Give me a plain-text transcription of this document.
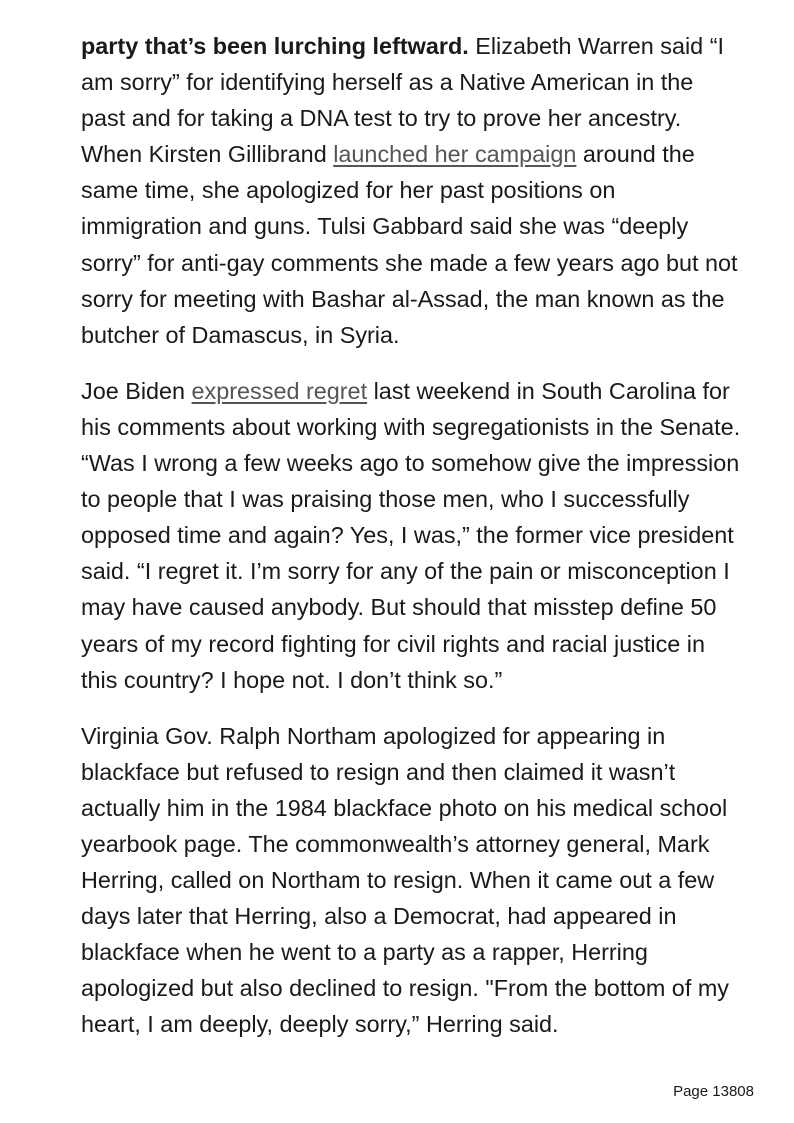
party that’s been lurching leftward. Elizabeth Warren said “I am sorry” for identifying herself as a Native American in the past and for taking a DNA test to try to prove her ancestry. When Kirsten Gillibrand launched her campaign around the same time, she apologized for her past positions on immigration and guns. Tulsi Gabbard said she was “deeply sorry” for anti-gay comments she made a few years ago but not sorry for meeting with Bashar al-Assad, the man known as the butcher of Damascus, in Syria.

Joe Biden expressed regret last weekend in South Carolina for his comments about working with segregationists in the Senate. “Was I wrong a few weeks ago to somehow give the impression to people that I was praising those men, who I successfully opposed time and again? Yes, I was,” the former vice president said. “I regret it. I’m sorry for any of the pain or misconception I may have caused anybody. But should that misstep define 50 years of my record fighting for civil rights and racial justice in this country? I hope not. I don’t think so.”

Virginia Gov. Ralph Northam apologized for appearing in blackface but refused to resign and then claimed it wasn’t actually him in the 1984 blackface photo on his medical school yearbook page. The commonwealth’s attorney general, Mark Herring, called on Northam to resign. When it came out a few days later that Herring, also a Democrat, had appeared in blackface when he went to a party as a rapper, Herring apologized but also declined to resign. "From the bottom of my heart, I am deeply, deeply sorry,” Herring said.

Page 13808
